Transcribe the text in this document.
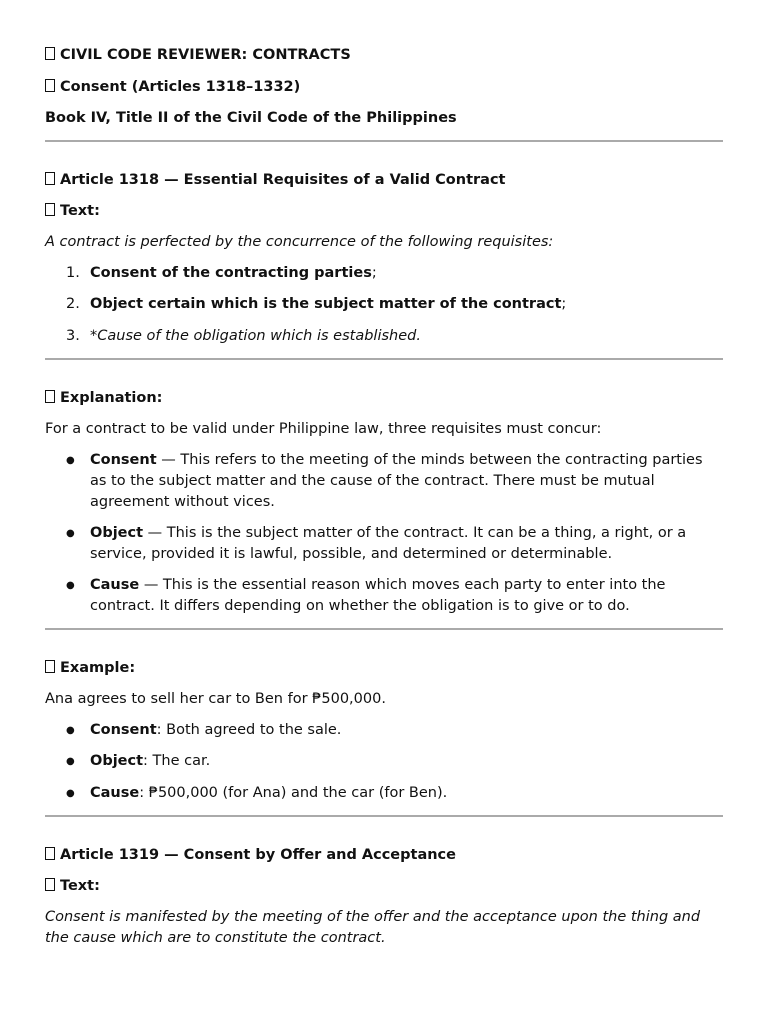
CIVIL CODE REVIEWER: CONTRACTS
Consent (Articles 1318–1332)
Book IV, Title II of the Civil Code of the Philippines
Article 1318 — Essential Requisites of a Valid Contract
Text:
A contract is perfected by the concurrence of the following requisites:
1. Consent of the contracting parties;
2. Object certain which is the subject matter of the contract;
3. *Cause of the obligation which is established.
Explanation:
For a contract to be valid under Philippine law, three requisites must concur:
● Consent — This refers to the meeting of the minds between the contracting parties as to the subject matter and the cause of the contract. There must be mutual agreement without vices.
● Object — This is the subject matter of the contract. It can be a thing, a right, or a service, provided it is lawful, possible, and determined or determinable.
● Cause — This is the essential reason which moves each party to enter into the contract. It differs depending on whether the obligation is to give or to do.
Example:
Ana agrees to sell her car to Ben for ₱500,000.
● Consent: Both agreed to the sale.
● Object: The car.
● Cause: ₱500,000 (for Ana) and the car (for Ben).
Article 1319 — Consent by Offer and Acceptance
Text:
Consent is manifested by the meeting of the offer and the acceptance upon the thing and the cause which are to constitute the contract.
